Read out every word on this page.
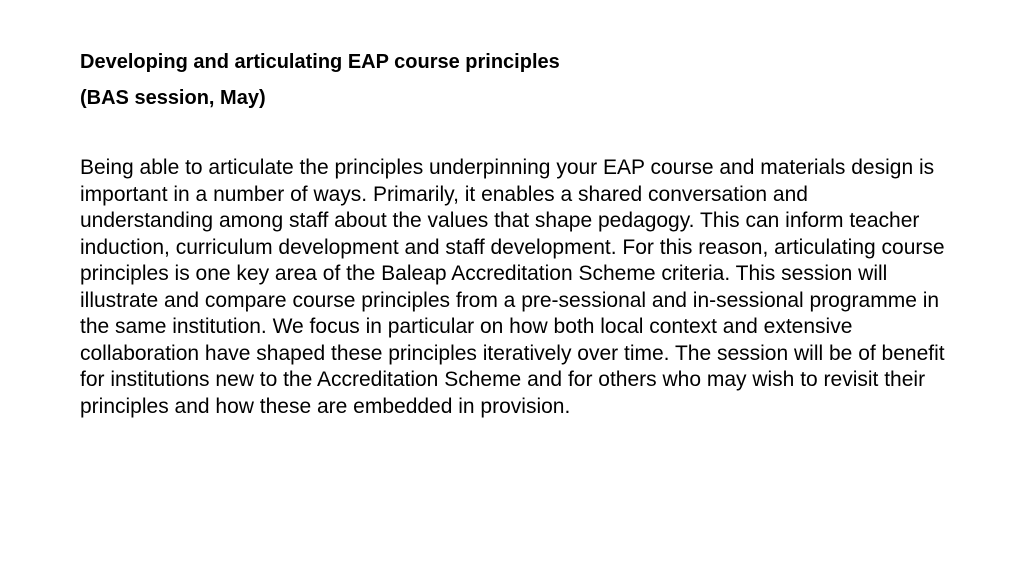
Developing and articulating EAP course principles
(BAS session, May)

Being able to articulate the principles underpinning your EAP course and materials design is important in a number of ways. Primarily, it enables a shared conversation and understanding among staff about the values that shape pedagogy. This can inform teacher induction, curriculum development and staff development. For this reason, articulating course principles is one key area of the Baleap Accreditation Scheme criteria. This session will illustrate and compare course principles from a pre-sessional and in-sessional programme in the same institution. We focus in particular on how both local context and extensive collaboration have shaped these principles iteratively over time. The session will be of benefit for institutions new to the Accreditation Scheme and for others who may wish to revisit their principles and how these are embedded in provision.
